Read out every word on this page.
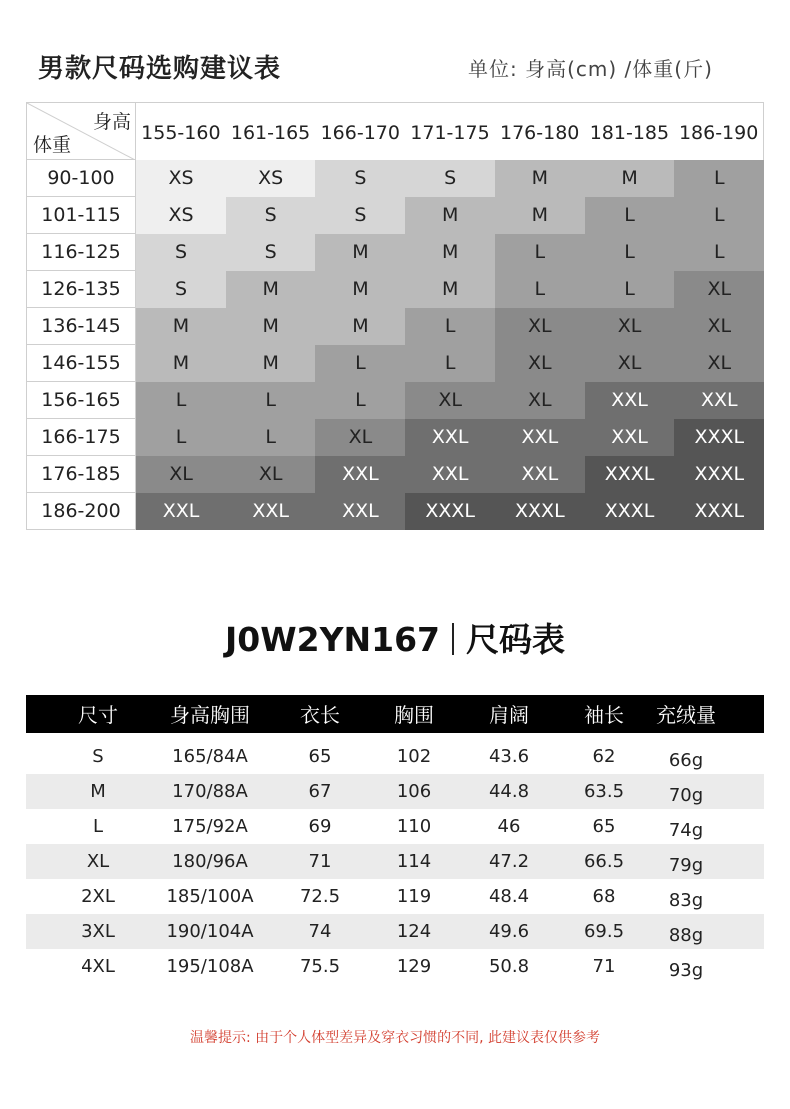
男款尺码选购建议表	单位: 身高(cm) /体重(斤)
身高
体重
155-160 161-165 166-170 171-175 176-180 181-185 186-190
90-100	XS	XS	S	S	M	M	L
101-115	XS	S	S	M	M	L	L
116-125	S	S	M	M	L	L	L
126-135	S	M	M	M	L	L	XL
136-145	M	M	M	L	XL	XL	XL
146-155	M	M	L	L	XL	XL	XL
156-165	L	L	L	XL	XL	XXL	XXL
166-175	L	L	XL	XXL	XXL	XXL	XXXL
176-185	XL	XL	XXL	XXL	XXL	XXXL	XXXL
186-200	XXL	XXL	XXL	XXXL	XXXL	XXXL	XXXL
J0W2YN167 尺码表
尺寸	身高胸围	衣长	胸围	肩阔	袖长	充绒量
S	165/84A	65	102	43.6	62	66g
M	170/88A	67	106	44.8	63.5	70g
L	175/92A	69	110	46	65	74g
XL	180/96A	71	114	47.2	66.5	79g
2XL	185/100A	72.5	119	48.4	68	83g
3XL	190/104A	74	124	49.6	69.5	88g
4XL	195/108A	75.5	129	50.8	71	93g
温馨提示: 由于个人体型差异及穿衣习惯的不同, 此建议表仅供参考
